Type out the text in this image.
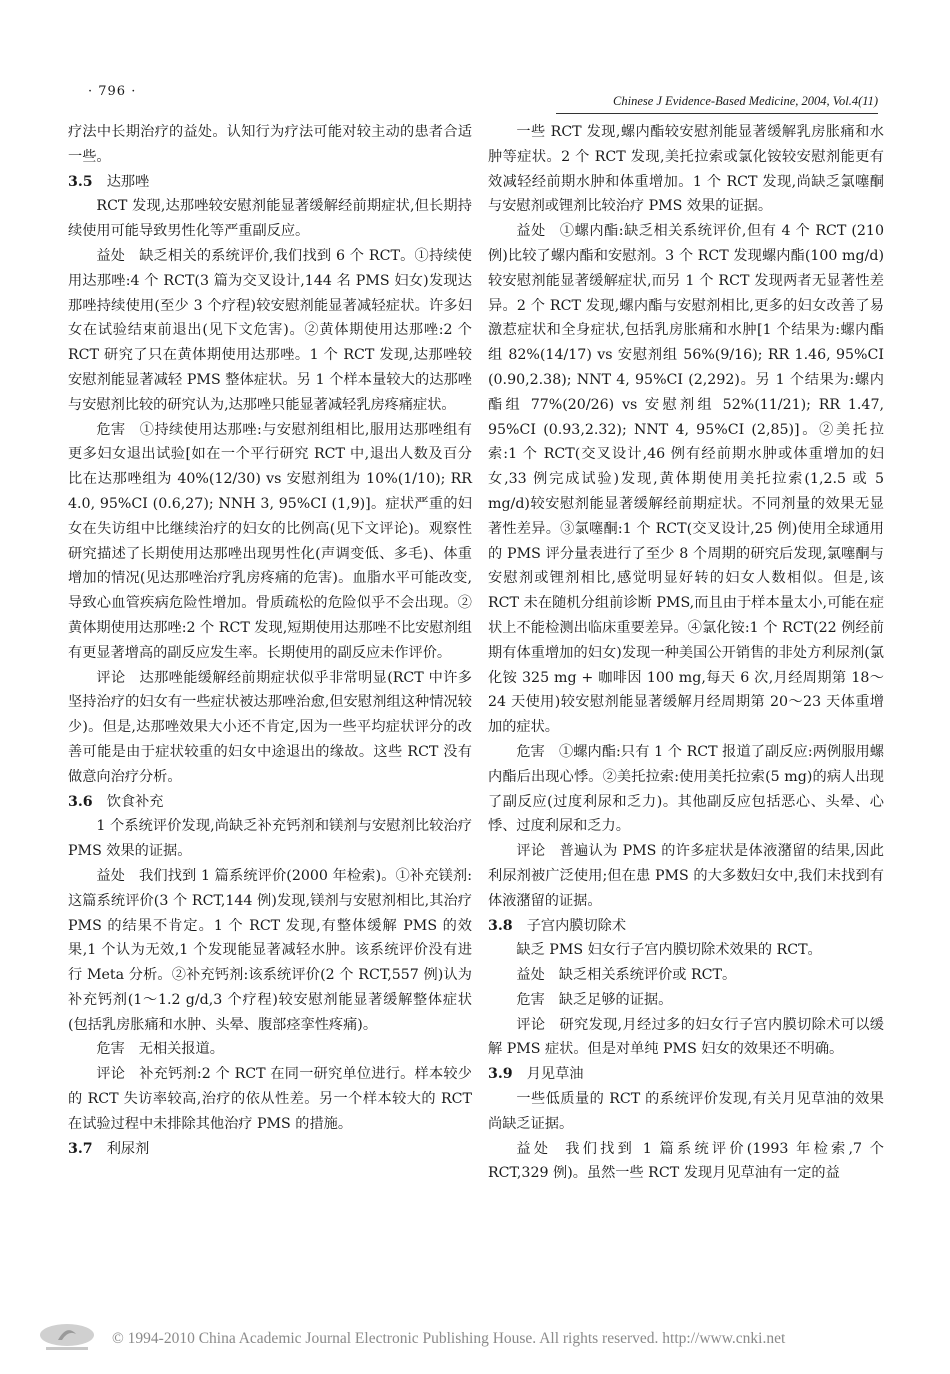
· 796 ·
Chinese J Evidence-Based Medicine, 2004, Vol.4(11)

疗法中长期治疗的益处。认知行为疗法可能对较主动的患者合适一些。

3.5 达那唑

RCT 发现,达那唑较安慰剂能显著缓解经前期症状,但长期持续使用可能导致男性化等严重副反应。

益处 缺乏相关的系统评价,我们找到 6 个 RCT。①持续使用达那唑:4 个 RCT(3 篇为交叉设计,144 名 PMS 妇女)发现达那唑持续使用(至少 3 个疗程)较安慰剂能显著减轻症状。许多妇女在试验结束前退出(见下文危害)。②黄体期使用达那唑:2 个 RCT 研究了只在黄体期使用达那唑。1 个 RCT 发现,达那唑较安慰剂能显著减轻 PMS 整体症状。另 1 个样本量较大的达那唑与安慰剂比较的研究认为,达那唑只能显著减轻乳房疼痛症状。

危害 ①持续使用达那唑:与安慰剂组相比,服用达那唑组有更多妇女退出试验[如在一个平行研究 RCT 中,退出人数及百分比在达那唑组为 40%(12/30) vs 安慰剂组为 10%(1/10); RR 4.0, 95%CI (0.6,27); NNH 3, 95%CI (1,9)]。症状严重的妇女在失访组中比继续治疗的妇女的比例高(见下文评论)。观察性研究描述了长期使用达那唑出现男性化(声调变低、多毛)、体重增加的情况(见达那唑治疗乳房疼痛的危害)。血脂水平可能改变,导致心血管疾病危险性增加。骨质疏松的危险似乎不会出现。②黄体期使用达那唑:2 个 RCT 发现,短期使用达那唑不比安慰剂组有更显著增高的副反应发生率。长期使用的副反应未作评价。

评论 达那唑能缓解经前期症状似乎非常明显(RCT 中许多坚持治疗的妇女有一些症状被达那唑治愈,但安慰剂组这种情况较少)。但是,达那唑效果大小还不肯定,因为一些平均症状评分的改善可能是由于症状较重的妇女中途退出的缘故。这些 RCT 没有做意向治疗分析。

3.6 饮食补充

1 个系统评价发现,尚缺乏补充钙剂和镁剂与安慰剂比较治疗 PMS 效果的证据。

益处 我们找到 1 篇系统评价(2000 年检索)。①补充镁剂:这篇系统评价(3 个 RCT,144 例)发现,镁剂与安慰剂相比,其治疗 PMS 的结果不肯定。1 个 RCT 发现,有整体缓解 PMS 的效果,1 个认为无效,1 个发现能显著减轻水肿。该系统评价没有进行 Meta 分析。②补充钙剂:该系统评价(2 个 RCT,557 例)认为补充钙剂(1～1.2 g/d,3 个疗程)较安慰剂能显著缓解整体症状(包括乳房胀痛和水肿、头晕、腹部痉挛性疼痛)。

危害 无相关报道。

评论 补充钙剂:2 个 RCT 在同一研究单位进行。样本较少的 RCT 失访率较高,治疗的依从性差。另一个样本较大的 RCT 在试验过程中未排除其他治疗 PMS 的措施。

3.7 利尿剂

一些 RCT 发现,螺内酯较安慰剂能显著缓解乳房胀痛和水肿等症状。2 个 RCT 发现,美托拉索或氯化铵较安慰剂能更有效减轻经前期水肿和体重增加。1 个 RCT 发现,尚缺乏氯噻酮与安慰剂或锂剂比较治疗 PMS 效果的证据。

益处 ①螺内酯:缺乏相关系统评价,但有 4 个 RCT (210 例)比较了螺内酯和安慰剂。3 个 RCT 发现螺内酯(100 mg/d)较安慰剂能显著缓解症状,而另 1 个 RCT 发现两者无显著性差异。2 个 RCT 发现,螺内酯与安慰剂相比,更多的妇女改善了易激惹症状和全身症状,包括乳房胀痛和水肿[1 个结果为:螺内酯组 82%(14/17) vs 安慰剂组 56%(9/16); RR 1.46, 95%CI (0.90,2.38); NNT 4, 95%CI (2,292)。另 1 个结果为:螺内酯组 77%(20/26) vs 安慰剂组 52%(11/21); RR 1.47, 95%CI (0.93,2.32); NNT 4, 95%CI (2,85)]。②美托拉索:1 个 RCT(交叉设计,46 例有经前期水肿或体重增加的妇女,33 例完成试验)发现,黄体期使用美托拉索(1,2.5 或 5 mg/d)较安慰剂能显著缓解经前期症状。不同剂量的效果无显著性差异。③氯噻酮:1 个 RCT(交叉设计,25 例)使用全球通用的 PMS 评分量表进行了至少 8 个周期的研究后发现,氯噻酮与安慰剂或锂剂相比,感觉明显好转的妇女人数相似。但是,该 RCT 未在随机分组前诊断 PMS,而且由于样本量太小,可能在症状上不能检测出临床重要差异。④氯化铵:1 个 RCT(22 例经前期有体重增加的妇女)发现一种美国公开销售的非处方利尿剂(氯化铵 325 mg + 咖啡因 100 mg,每天 6 次,月经周期第 18～24 天使用)较安慰剂能显著缓解月经周期第 20～23 天体重增加的症状。

危害 ①螺内酯:只有 1 个 RCT 报道了副反应:两例服用螺内酯后出现心悸。②美托拉索:使用美托拉索(5 mg)的病人出现了副反应(过度利尿和乏力)。其他副反应包括恶心、头晕、心悸、过度利尿和乏力。

评论 普遍认为 PMS 的许多症状是体液潴留的结果,因此利尿剂被广泛使用;但在患 PMS 的大多数妇女中,我们未找到有体液潴留的证据。

3.8 子宫内膜切除术

缺乏 PMS 妇女行子宫内膜切除术效果的 RCT。

益处 缺乏相关系统评价或 RCT。

危害 缺乏足够的证据。

评论 研究发现,月经过多的妇女行子宫内膜切除术可以缓解 PMS 症状。但是对单纯 PMS 妇女的效果还不明确。

3.9 月见草油

一些低质量的 RCT 的系统评价发现,有关月见草油的效果尚缺乏证据。

益处 我们找到 1 篇系统评价(1993 年检索,7 个 RCT,329 例)。虽然一些 RCT 发现月见草油有一定的益

© 1994-2010 China Academic Journal Electronic Publishing House. All rights reserved. http://www.cnki.net
